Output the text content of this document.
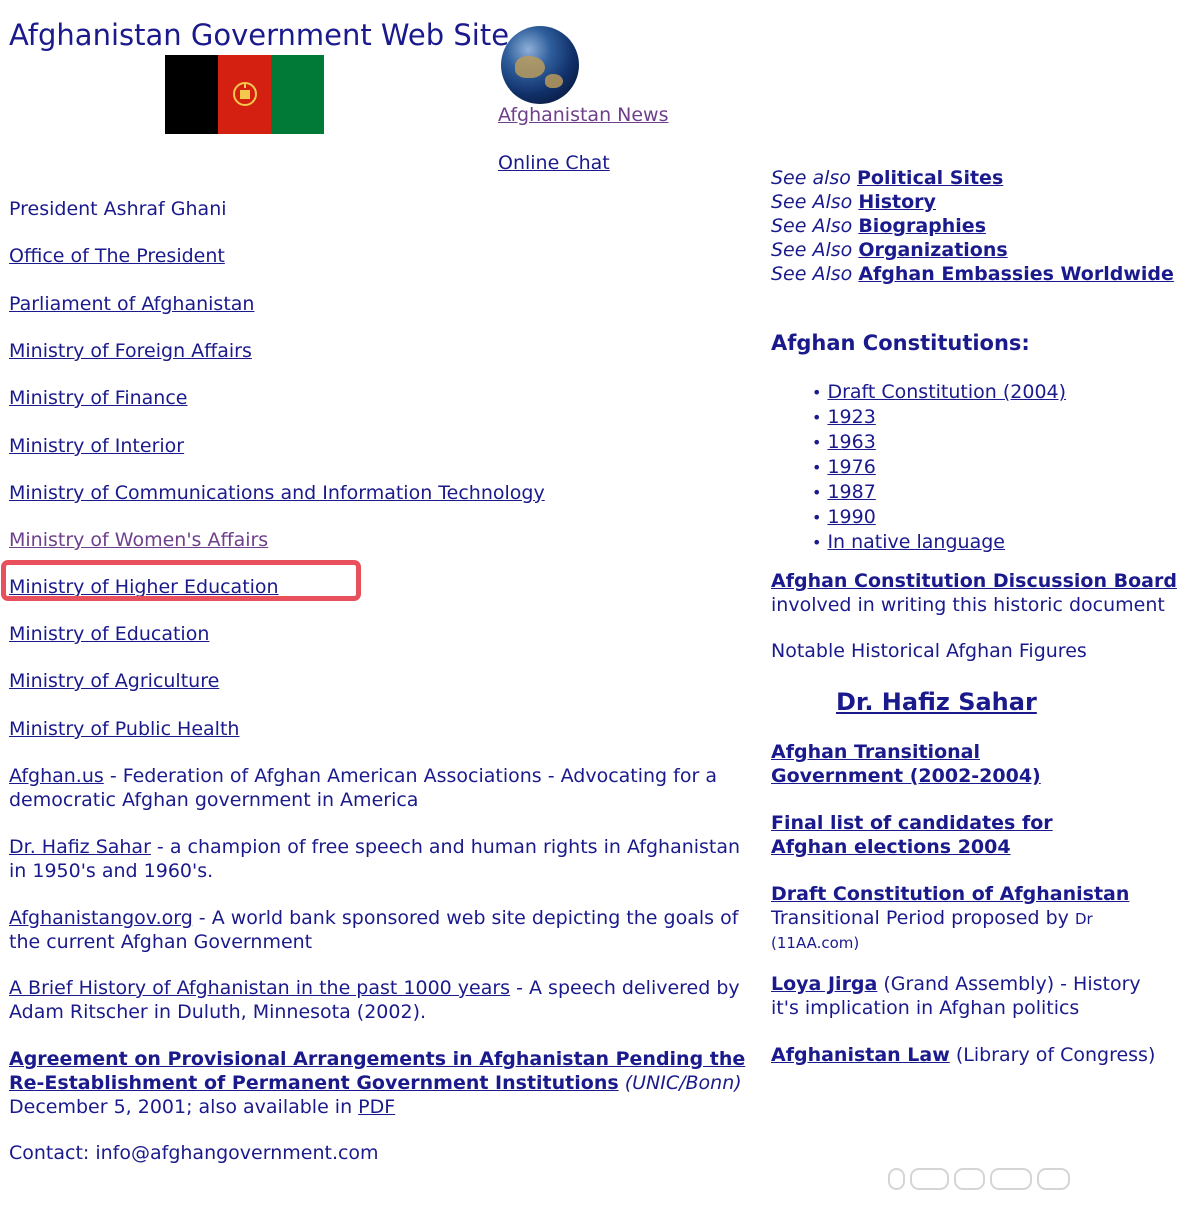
Afghanistan Government Web Site
Afghanistan News
Online Chat
President Ashraf Ghani
Office of The President
Parliament of Afghanistan
Ministry of Foreign Affairs
Ministry of Finance
Ministry of Interior
Ministry of Communications and Information Technology
Ministry of Women's Affairs
Ministry of Higher Education
Ministry of Education
Ministry of Agriculture
Ministry of Public Health
Afghan.us - Federation of Afghan American Associations - Advocating for a democratic Afghan government in America
Dr. Hafiz Sahar - a champion of free speech and human rights in Afghanistan in 1950's and 1960's.
Afghanistangov.org - A world bank sponsored web site depicting the goals of the current Afghan Government
A Brief History of Afghanistan in the past 1000 years - A speech delivered by Adam Ritscher in Duluth, Minnesota (2002).
Agreement on Provisional Arrangements in Afghanistan Pending the Re-Establishment of Permanent Government Institutions (UNIC/Bonn) December 5, 2001; also available in PDF
Contact: info@afghangovernment.com
See also Political Sites
See Also History
See Also Biographies
See Also Organizations
See Also Afghan Embassies Worldwide
Afghan Constitutions:
• Draft Constitution (2004)
• 1923
• 1963
• 1976
• 1987
• 1990
• In native language
Afghan Constitution Discussion Board
involved in writing this historic document
Notable Historical Afghan Figures
Dr. Hafiz Sahar
Afghan Transitional Government (2002-2004)
Final list of candidates for Afghan elections 2004
Draft Constitution of Afghanistan
Transitional Period proposed by Dr
(11AA.com)
Loya Jirga (Grand Assembly) - History
it's implication in Afghan politics
Afghanistan Law (Library of Congress)
